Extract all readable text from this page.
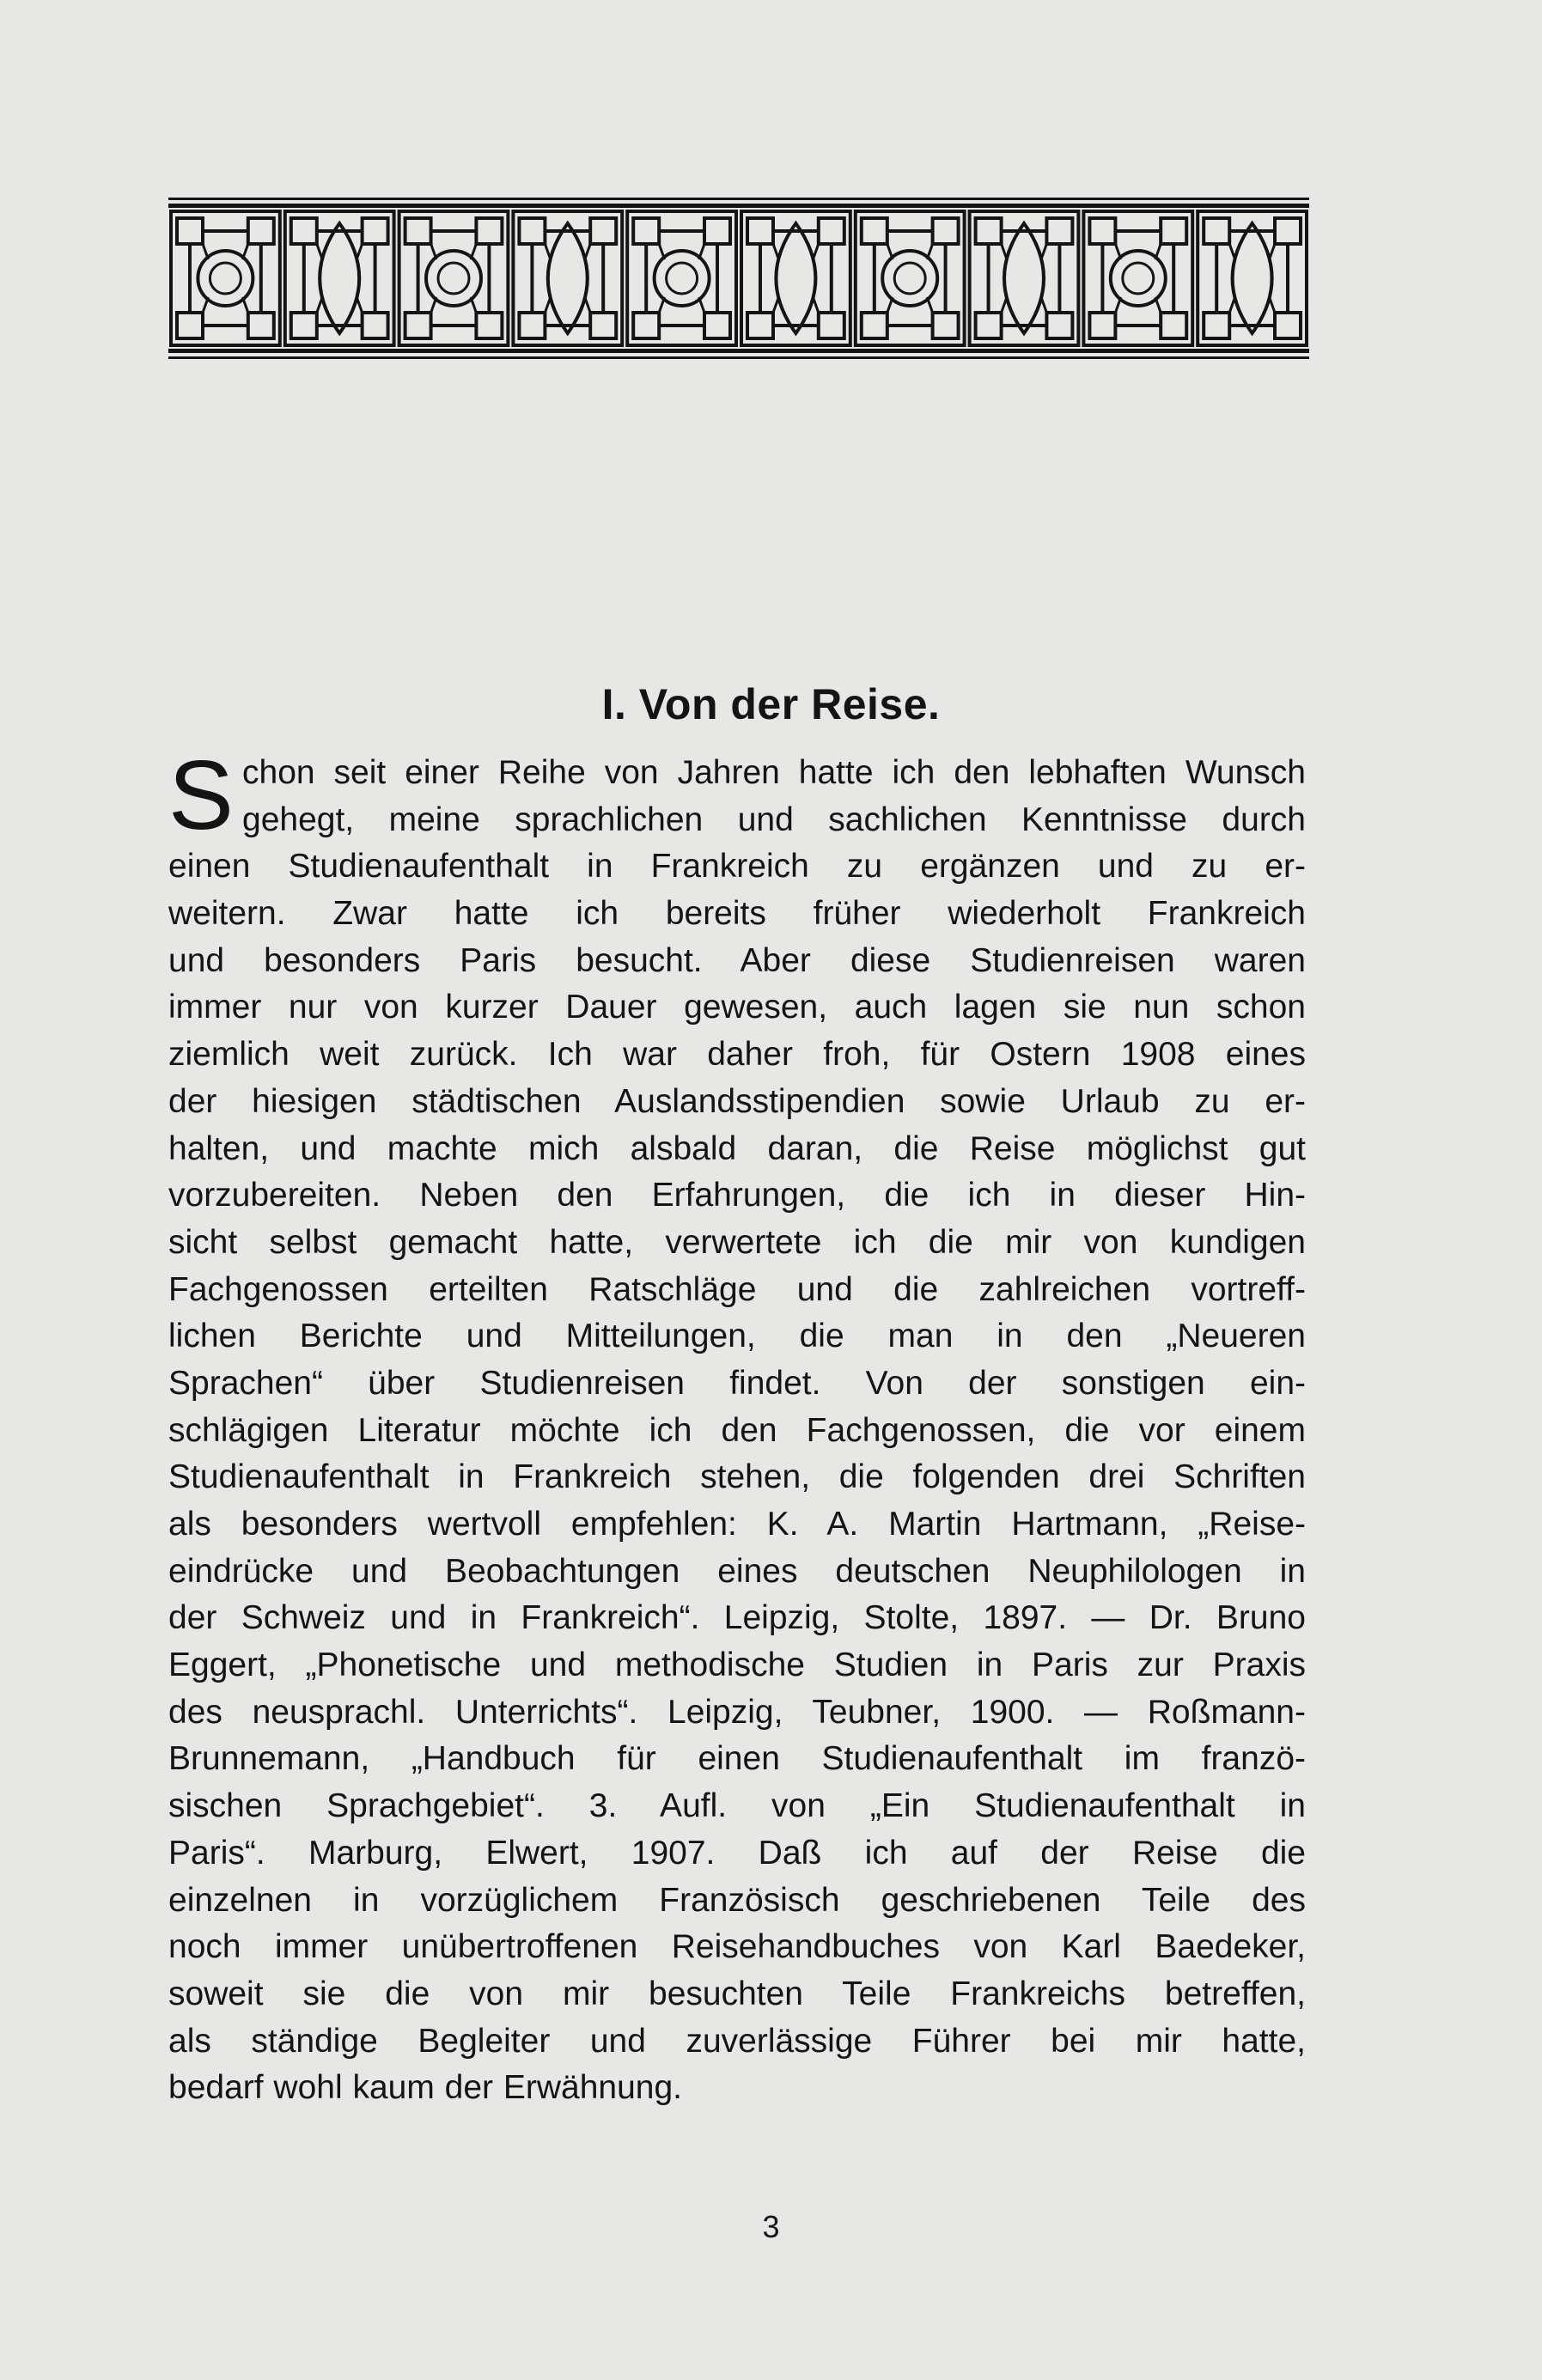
I. Von der Reise.
S chon seit einer Reihe von Jahren hatte ich den lebhaften Wunsch
gehegt, meine sprachlichen und sachlichen Kenntnisse durch
einen Studienaufenthalt in Frankreich zu ergänzen und zu er-
weitern. Zwar hatte ich bereits früher wiederholt Frankreich
und besonders Paris besucht. Aber diese Studienreisen waren
immer nur von kurzer Dauer gewesen, auch lagen sie nun schon
ziemlich weit zurück. Ich war daher froh, für Ostern 1908 eines
der hiesigen städtischen Auslandsstipendien sowie Urlaub zu er-
halten, und machte mich alsbald daran, die Reise möglichst gut
vorzubereiten. Neben den Erfahrungen, die ich in dieser Hin-
sicht selbst gemacht hatte, verwertete ich die mir von kundigen
Fachgenossen erteilten Ratschläge und die zahlreichen vortreff-
lichen Berichte und Mitteilungen, die man in den „Neueren
Sprachen“ über Studienreisen findet. Von der sonstigen ein-
schlägigen Literatur möchte ich den Fachgenossen, die vor einem
Studienaufenthalt in Frankreich stehen, die folgenden drei Schriften
als besonders wertvoll empfehlen: K. A. Martin Hartmann, „Reise-
eindrücke und Beobachtungen eines deutschen Neuphilologen in
der Schweiz und in Frankreich“. Leipzig, Stolte, 1897. — Dr. Bruno
Eggert, „Phonetische und methodische Studien in Paris zur Praxis
des neusprachl. Unterrichts“. Leipzig, Teubner, 1900. — Roßmann-
Brunnemann, „Handbuch für einen Studienaufenthalt im franzö-
sischen Sprachgebiet“. 3. Aufl. von „Ein Studienaufenthalt in
Paris“. Marburg, Elwert, 1907. Daß ich auf der Reise die
einzelnen in vorzüglichem Französisch geschriebenen Teile des
noch immer unübertroffenen Reisehandbuches von Karl Baedeker,
soweit sie die von mir besuchten Teile Frankreichs betreffen,
als ständige Begleiter und zuverlässige Führer bei mir hatte,
bedarf wohl kaum der Erwähnung.
3
